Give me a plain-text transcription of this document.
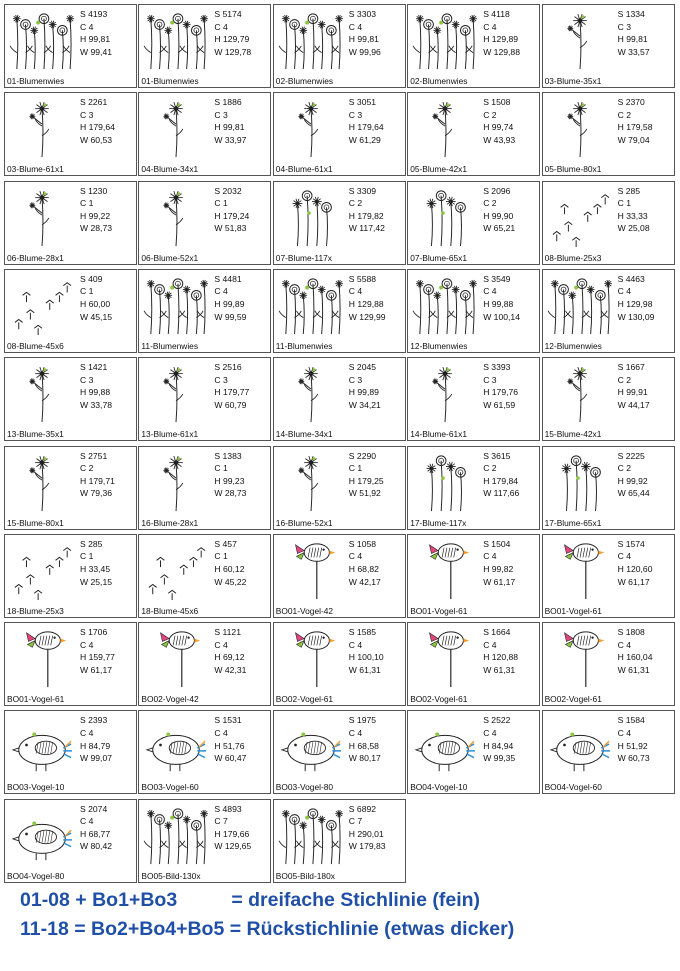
S 4193
C 4
H 99,81
W 99,41
01-Blumenwies
S 5174
C 4
H 129,79
W 129,78
01-Blumenwies
S 3303
C 4
H 99,81
W 99,96
02-Blumenwies
S 4118
C 4
H 129,89
W 129,88
02-Blumenwies
S 1334
C 3
H 99,81
W 33,57
03-Blume-35x1
S 2261
C 3
H 179,64
W 60,53
03-Blume-61x1
S 1886
C 3
H 99,81
W 33,97
04-Blume-34x1
S 3051
C 3
H 179,64
W 61,29
04-Blume-61x1
S 1508
C 2
H 99,74
W 43,93
05-Blume-42x1
S 2370
C 2
H 179,58
W 79,04
05-Blume-80x1
S 1230
C 1
H 99,22
W 28,73
06-Blume-28x1
S 2032
C 1
H 179,24
W 51,83
06-Blume-52x1
S 3309
C 2
H 179,82
W 117,42
07-Blume-117x
S 2096
C 2
H 99,90
W 65,21
07-Blume-65x1
S 285
C 1
H 33,33
W 25,08
08-Blume-25x3
S 409
C 1
H 60,00
W 45,15
08-Blume-45x6
S 4481
C 4
H 99,89
W 99,59
11-Blumenwies
S 5588
C 4
H 129,88
W 129,99
11-Blumenwies
S 3549
C 4
H 99,88
W 100,14
12-Blumenwies
S 4463
C 4
H 129,98
W 130,09
12-Blumenwies
S 1421
C 3
H 99,88
W 33,78
13-Blume-35x1
S 2516
C 3
H 179,77
W 60,79
13-Blume-61x1
S 2045
C 3
H 99,89
W 34,21
14-Blume-34x1
S 3393
C 3
H 179,76
W 61,59
14-Blume-61x1
S 1667
C 2
H 99,91
W 44,17
15-Blume-42x1
S 2751
C 2
H 179,71
W 79,36
15-Blume-80x1
S 1383
C 1
H 99,23
W 28,73
16-Blume-28x1
S 2290
C 1
H 179,25
W 51,92
16-Blume-52x1
S 3615
C 2
H 179,84
W 117,66
17-Blume-117x
S 2225
C 2
H 99,92
W 65,44
17-Blume-65x1
S 285
C 1
H 33,45
W 25,15
18-Blume-25x3
S 457
C 1
H 60,12
W 45,22
18-Blume-45x6
S 1058
C 4
H 68,82
W 42,17
BO01-Vogel-42
S 1504
C 4
H 99,82
W 61,17
BO01-Vogel-61
S 1574
C 4
H 120,60
W 61,17
BO01-Vogel-61
S 1706
C 4
H 159,77
W 61,17
BO01-Vogel-61
S 1121
C 4
H 69,12
W 42,31
BO02-Vogel-42
S 1585
C 4
H 100,10
W 61,31
BO02-Vogel-61
S 1664
C 4
H 120,88
W 61,31
BO02-Vogel-61
S 1808
C 4
H 160,04
W 61,31
BO02-Vogel-61
S 2393
C 4
H 84,79
W 99,07
BO03-Vogel-10
S 1531
C 4
H 51,76
W 60,47
BO03-Vogel-60
S 1975
C 4
H 68,58
W 80,17
BO03-Vogel-80
S 2522
C 4
H 84,94
W 99,35
BO04-Vogel-10
S 1584
C 4
H 51,92
W 60,73
BO04-Vogel-60
S 2074
C 4
H 68,77
W 80,42
BO04-Vogel-80
S 4893
C 7
H 179,66
W 129,65
BO05-Bild-130x
S 6892
C 7
H 290,01
W 179,83
BO05-Bild-180x
01-08 + Bo1+Bo3          = dreifache Stichlinie (fein)
11-18 = Bo2+Bo4+Bo5 = Rückstichlinie (etwas dicker)
